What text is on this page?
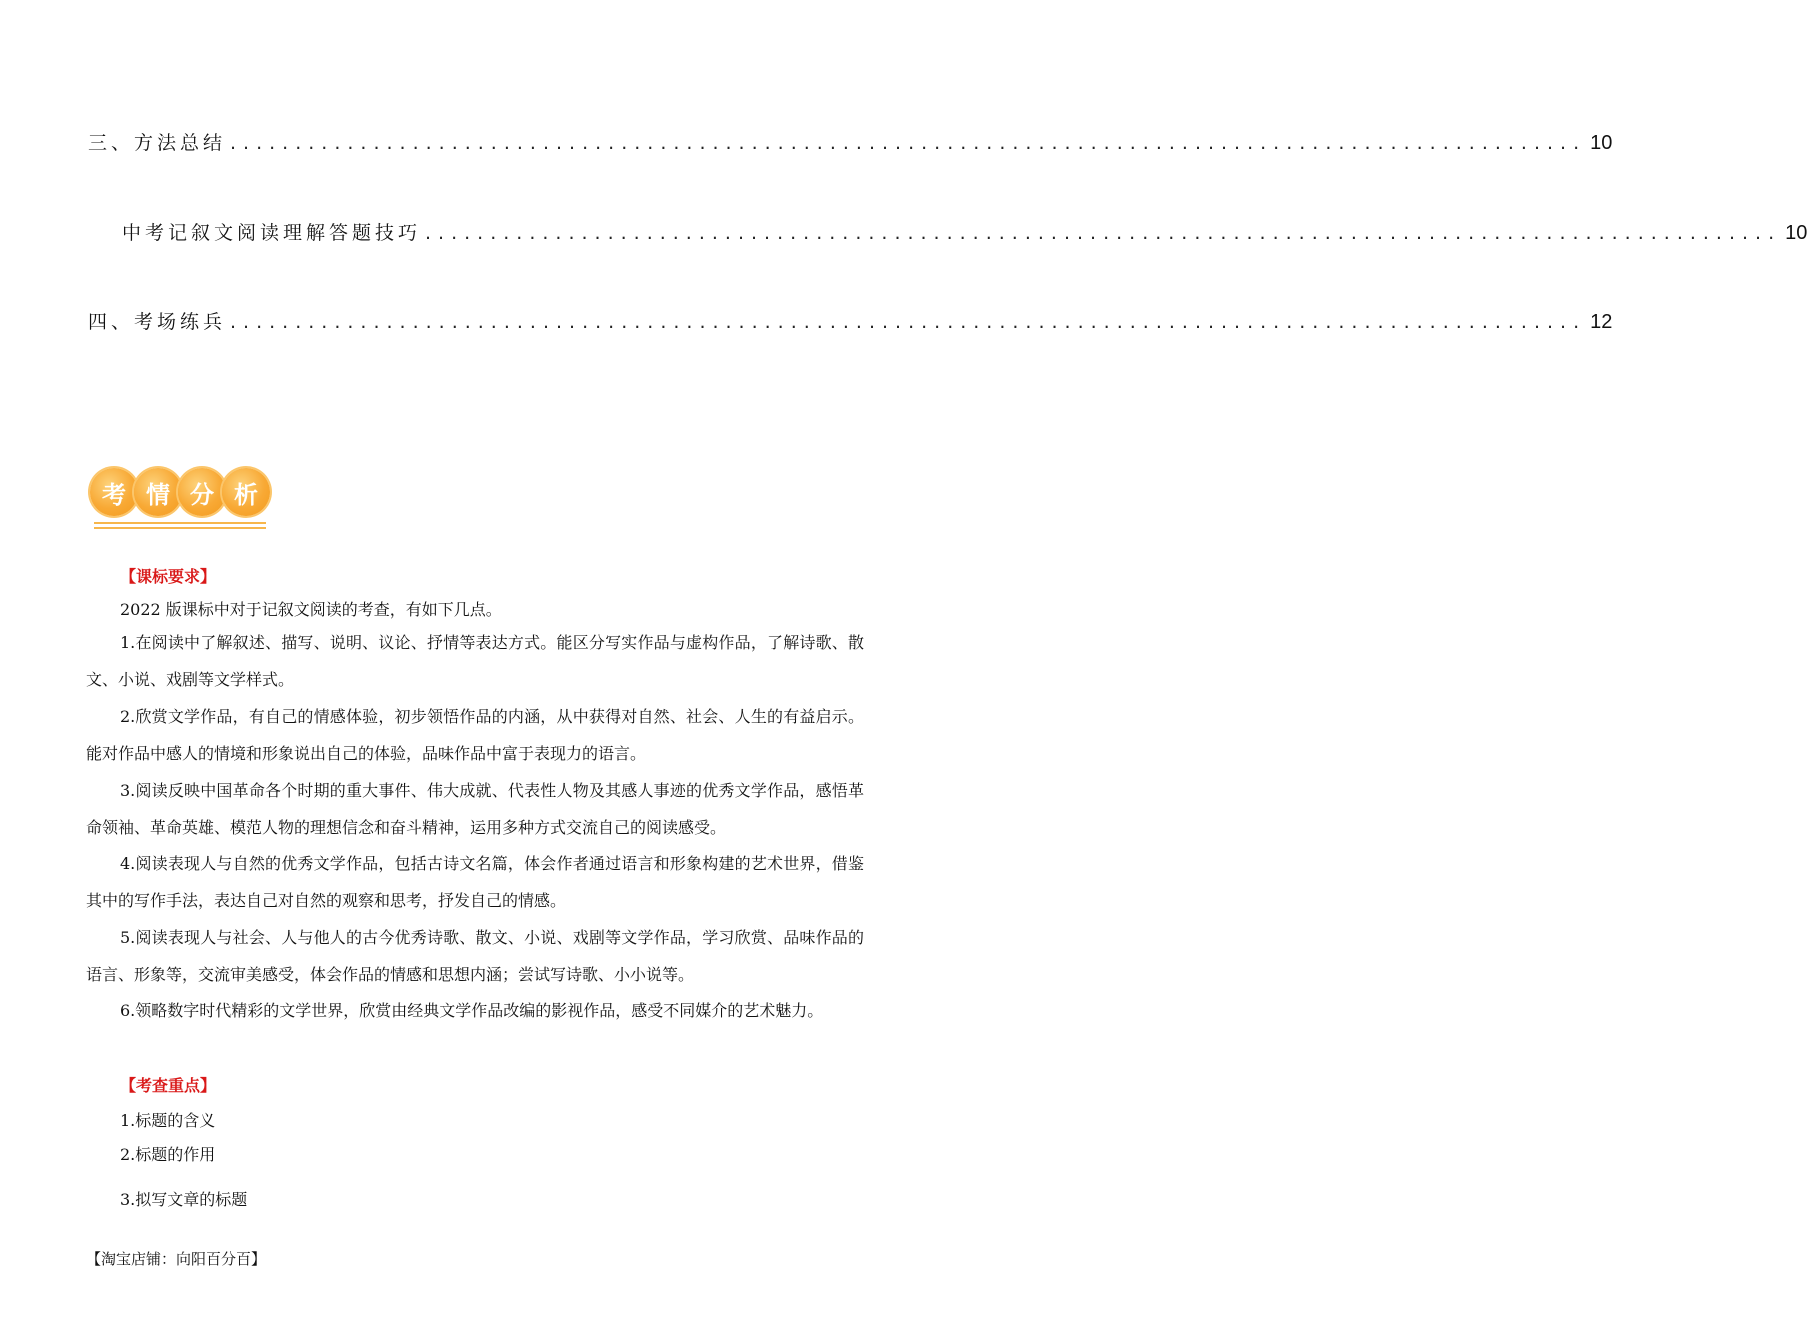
三、方法总结 ........................................................................................................ 10
中考记叙文阅读理解答题技巧 ........................................................................................................ 10
四、考场练兵 ........................................................................................................ 12
考 情 分 析
【课标要求】
2022 版课标中对于记叙文阅读的考查，有如下几点。
1.在阅读中了解叙述、描写、说明、议论、抒情等表达方式。能区分写实作品与虚构作品，了解诗歌、散文、小说、戏剧等文学样式。
2.欣赏文学作品，有自己的情感体验，初步领悟作品的内涵，从中获得对自然、社会、人生的有益启示。能对作品中感人的情境和形象说出自己的体验，品味作品中富于表现力的语言。
3.阅读反映中国革命各个时期的重大事件、伟大成就、代表性人物及其感人事迹的优秀文学作品，感悟革命领袖、革命英雄、模范人物的理想信念和奋斗精神，运用多种方式交流自己的阅读感受。
4.阅读表现人与自然的优秀文学作品，包括古诗文名篇，体会作者通过语言和形象构建的艺术世界，借鉴其中的写作手法，表达自己对自然的观察和思考，抒发自己的情感。
5.阅读表现人与社会、人与他人的古今优秀诗歌、散文、小说、戏剧等文学作品，学习欣赏、品味作品的语言、形象等，交流审美感受，体会作品的情感和思想内涵；尝试写诗歌、小小说等。
6.领略数字时代精彩的文学世界，欣赏由经典文学作品改编的影视作品，感受不同媒介的艺术魅力。
【考查重点】
1.标题的含义
2.标题的作用
3.拟写文章的标题
【淘宝店铺：向阳百分百】
